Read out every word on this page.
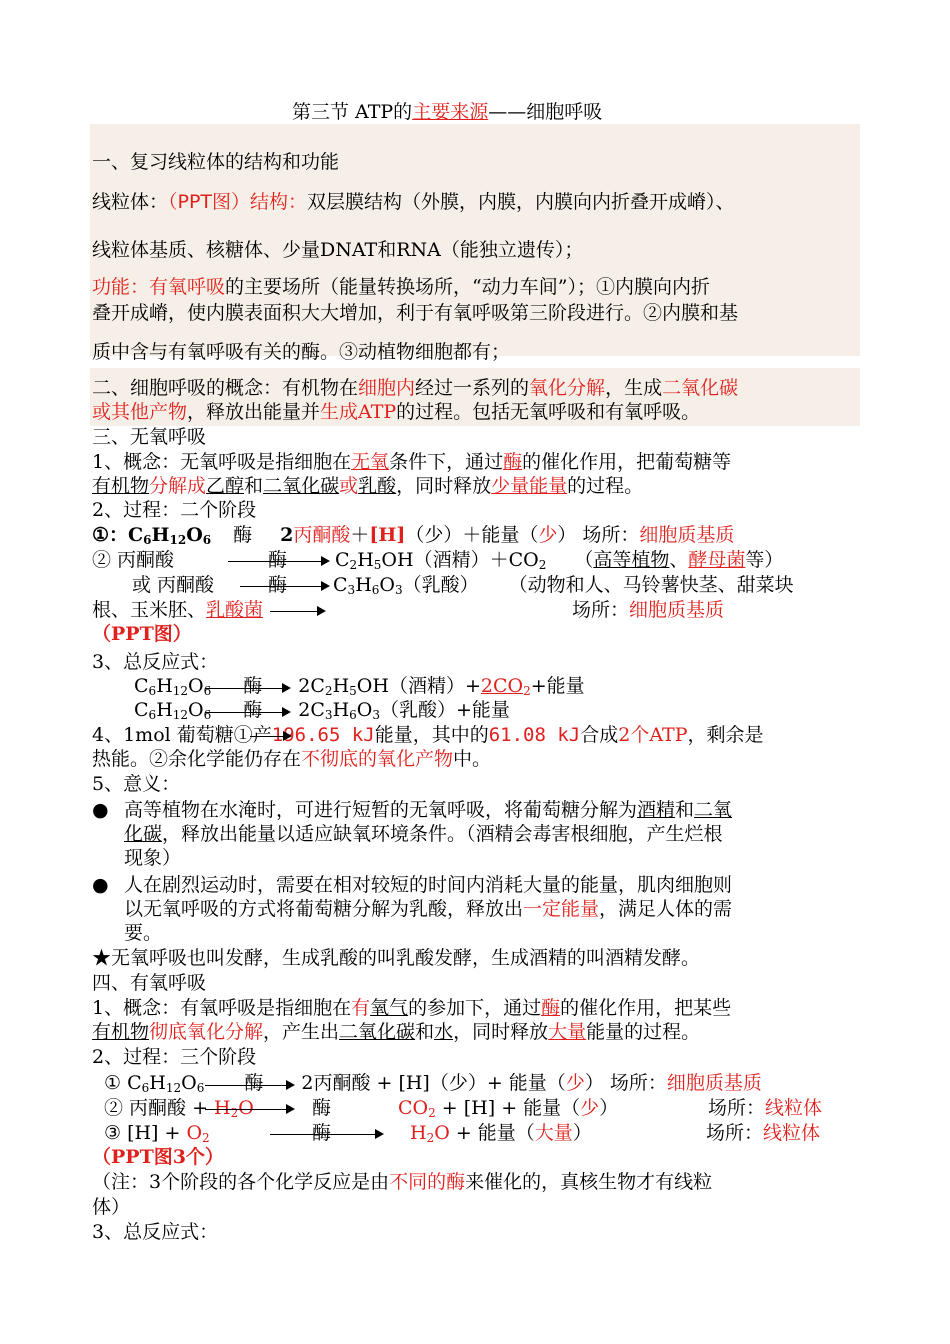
第三节 ATP的主要来源——细胞呼吸
一、复习线粒体的结构和功能
线粒体：（PPT图）结构：双层膜结构（外膜，内膜，内膜向内折叠开成嵴）、
线粒体基质、核糖体、少量DNAT和RNA（能独立遗传）；
功能：有氧呼吸的主要场所（能量转换场所，“动力车间”）；①内膜向内折
叠开成嵴，使内膜表面积大大增加，利于有氧呼吸第三阶段进行。②内膜和基
质中含与有氧呼吸有关的酶。③动植物细胞都有；
二、细胞呼吸的概念：有机物在细胞内经过一系列的氧化分解，生成二氧化碳
或其他产物，释放出能量并生成ATP的过程。包括无氧呼吸和有氧呼吸。
三、无氧呼吸
1、概念：无氧呼吸是指细胞在无氧条件下，通过酶的催化作用，把葡萄糖等
有机物分解成乙醇和二氧化碳或乳酸，同时释放少量能量的过程。
2、过程：二个阶段
①：$C_6H_{12}O_6$ 酶 2丙酮酸＋[H]（少）＋能量（少） 场所：细胞质基质
② 丙酮酸	酶	$C_2H_5OH$（酒精）$+CO_2$ （高等植物、酵母菌等）
或 丙酮酸	酶 $C_3H_6O_3$（乳酸） （动物和人、马铃薯快茎、甜菜块
根、玉米胚、乳酸菌 →	场所：细胞质基质
（PPT图）
3、总反应式：
$C_6H_{12}O_6$ 酶 $2C_2H_5OH$（酒精）$+2CO_2+$能量
$C_6H_{12}O_6$ 酶 $2C_3H_6O_3$（乳酸）+能量
4、1mol 葡萄糖①产196.65 kJ能量，其中的61.08 kJ合成2个ATP，剩余是
热能。②余化学能仍存在不彻底的氧化产物中。
5、意义：
● 高等植物在水淹时，可进行短暂的无氧呼吸，将葡萄糖分解为酒精和二氧
化碳，释放出能量以适应缺氧环境条件。（酒精会毒害根细胞，产生烂根
现象）
● 人在剧烈运动时，需要在相对较短的时间内消耗大量的能量，肌肉细胞则
以无氧呼吸的方式将葡萄糖分解为乳酸，释放出一定能量，满足人体的需
要。
★无氧呼吸也叫发酵，生成乳酸的叫乳酸发酵，生成酒精的叫酒精发酵。
四、有氧呼吸
1、概念：有氧呼吸是指细胞在有氧气的参加下，通过酶的催化作用，把某些
有机物彻底氧化分解，产生出二氧化碳和水，同时释放大量能量的过程。
2、过程：三个阶段
① $C_6H_{12}O_6$ 酶 2丙酮酸 + [H]（少）+ 能量（少） 场所：细胞质基质
② 丙酮酸 + $H_2O$	酶	$CO_2 + [H]$ + 能量（少）	场所：线粒体
③ $[H] + O_2$	酶	$H_2O$ + 能量（大量）	场所：线粒体
（PPT图3个）
（注：3个阶段的各个化学反应是由不同的酶来催化的，真核生物才有线粒
体）
3、总反应式：
